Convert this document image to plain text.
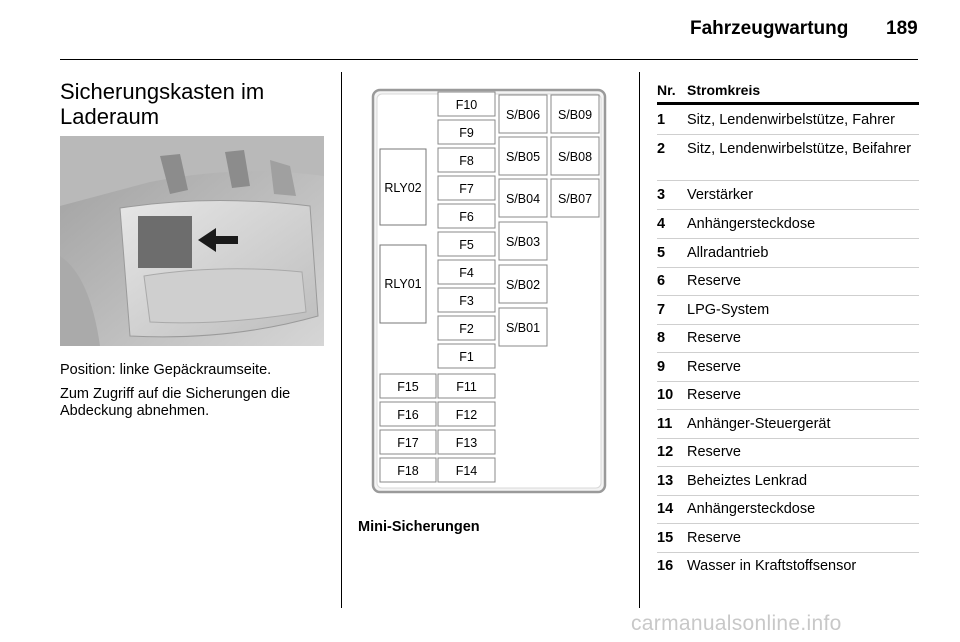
Fahrzeugwartung 189
Sicherungskasten im
Laderaum
Position: linke Gepäckraumseite.
Zum Zugriff auf die Sicherungen die Abdeckung abnehmen.
RLY02
RLY01
F10
F9
F8
F7
F6
F5
F4
F3
F2
F1
S/B06 S/B09
S/B05 S/B08
S/B04 S/B07
S/B03
S/B02
S/B01
F15	F11
F16	F12
F17	F13
F18	F14
Mini-Sicherungen
Nr. Stromkreis
1 Sitz, Lendenwirbelstütze, Fahrer
2 Sitz, Lendenwirbelstütze, Beifahrer
3 Verstärker
4 Anhängersteckdose
5 Allradantrieb
6 Reserve
7 LPG-System
8 Reserve
9 Reserve
10 Reserve
11 Anhänger-Steuergerät
12 Reserve
13 Beheiztes Lenkrad
14 Anhängersteckdose
15 Reserve
16 Wasser in Kraftstoffsensor
carmanualsonline.info
